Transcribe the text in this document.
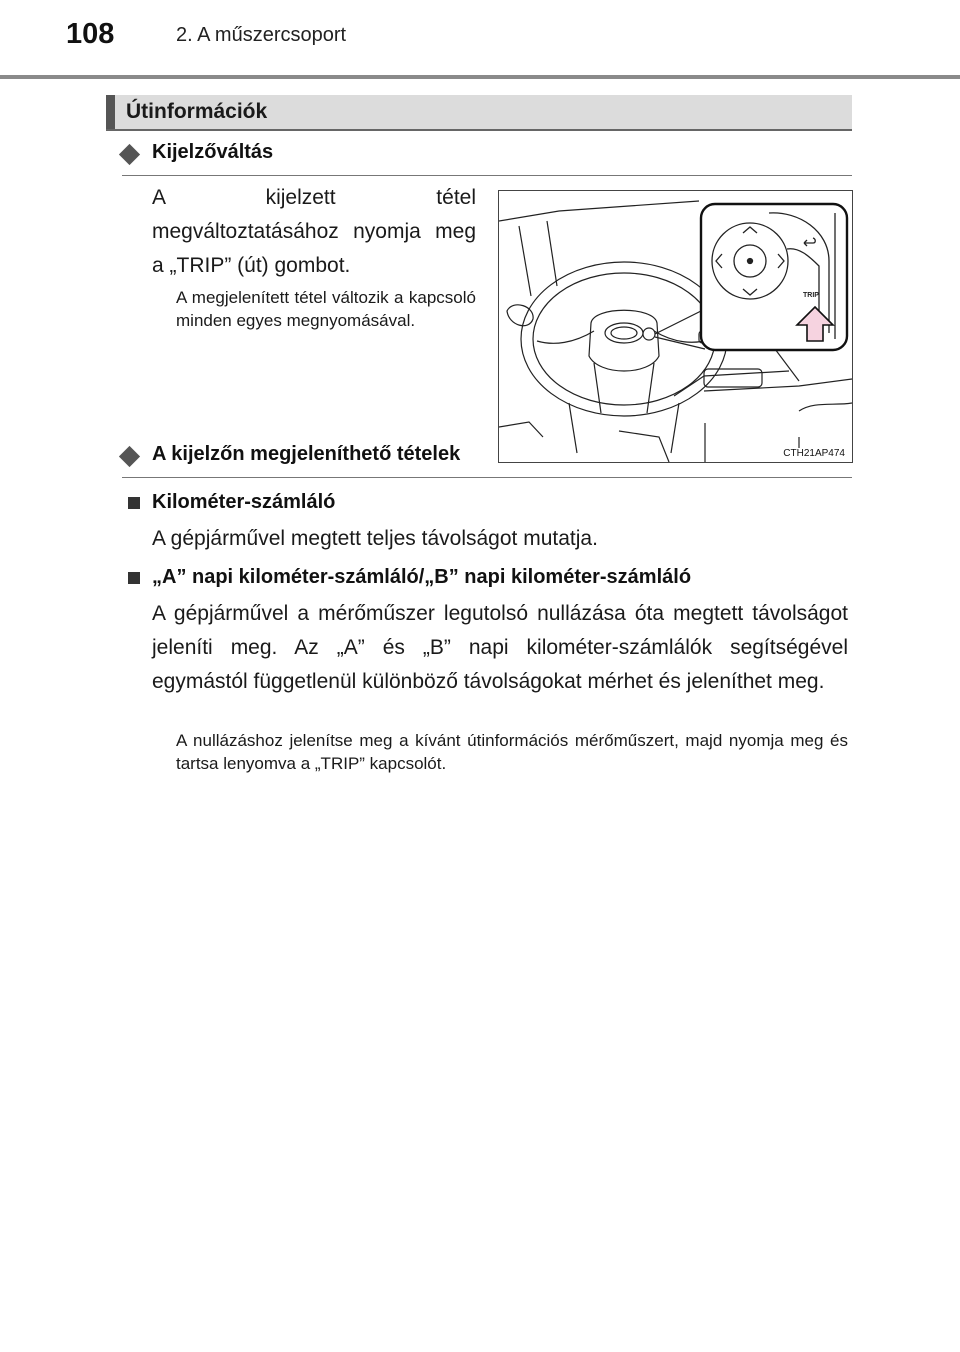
108	2. A műszercsoport
Útinformációk
Kijelzőváltás
A kijelzett tétel megváltoztatásához nyomja meg a „TRIP” (út) gombot.
A megjelenített tétel változik a kapcsoló minden egyes megnyomásával.
TRIP
CTH21AP474
A kijelzőn megjeleníthető tételek
Kilométer-számláló
A gépjárművel megtett teljes távolságot mutatja.
„A” napi kilométer-számláló/„B” napi kilométer-számláló
A gépjárművel a mérőműszer legutolsó nullázása óta megtett távolságot jeleníti meg. Az „A” és „B” napi kilométer-számlálók segítségével egymástól függetlenül különböző távolságokat mérhet és jeleníthet meg.
A nullázáshoz jelenítse meg a kívánt útinformációs mérőműszert, majd nyomja meg és tartsa lenyomva a „TRIP” kapcsolót.
